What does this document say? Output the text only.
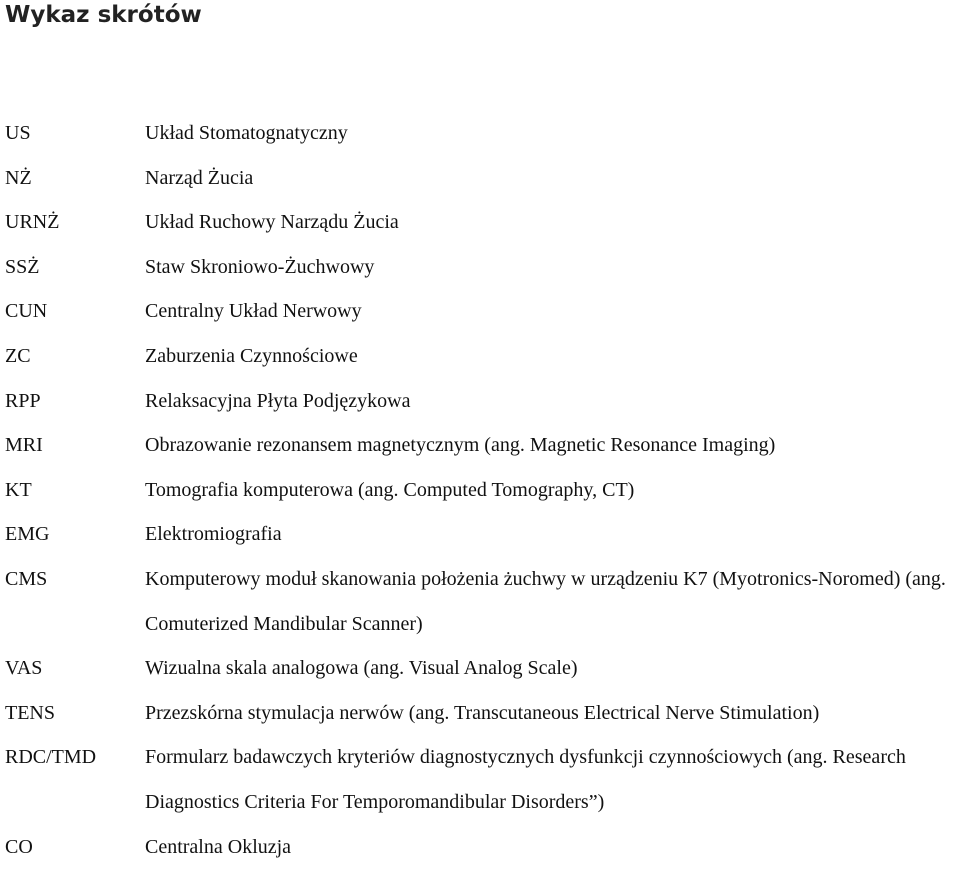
Wykaz skrótów
US	Układ Stomatognatyczny
NŻ	Narząd Żucia
URNŻ	Układ Ruchowy Narządu Żucia
SSŻ	Staw Skroniowo-Żuchwowy
CUN	Centralny Układ Nerwowy
ZC	Zaburzenia Czynnościowe
RPP	Relaksacyjna Płyta Podjęzykowa
MRI	Obrazowanie rezonansem magnetycznym (ang. Magnetic Resonance Imaging)
KT	Tomografia komputerowa (ang. Computed Tomography, CT)
EMG	Elektromiografia
CMS	Komputerowy moduł skanowania położenia żuchwy w urządzeniu K7 (Myotronics-Noromed) (ang. Comuterized Mandibular Scanner)
VAS	Wizualna skala analogowa (ang. Visual Analog Scale)
TENS	Przezskórna stymulacja nerwów (ang. Transcutaneous Electrical Nerve Stimulation)
RDC/TMD	Formularz badawczych kryteriów diagnostycznych dysfunkcji czynnościowych (ang. Research Diagnostics Criteria For Temporomandibular Disorders”)
CO	Centralna Okluzja
